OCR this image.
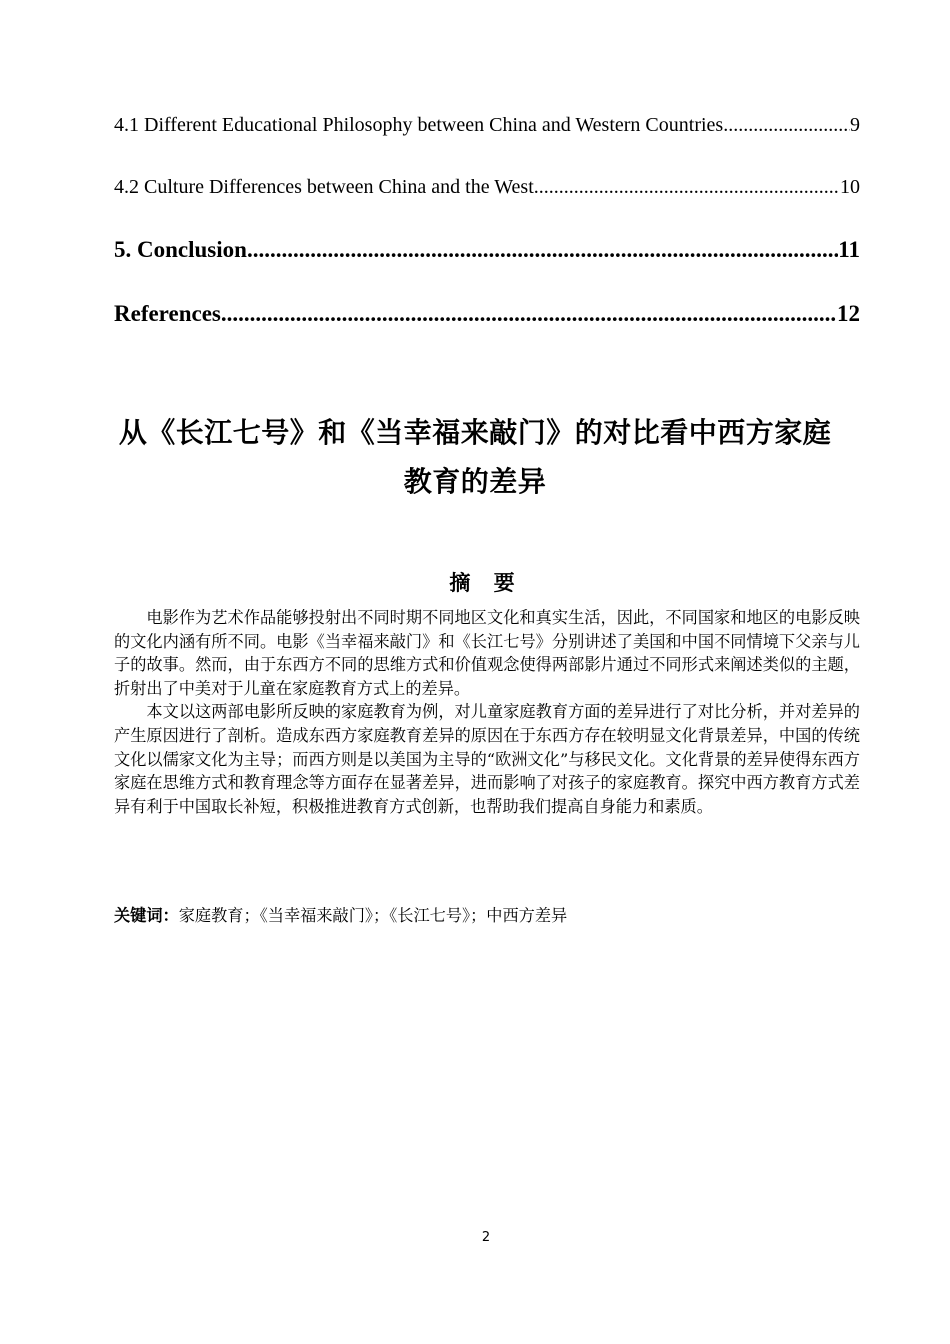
4.1 Different Educational Philosophy between China and Western Countries .....	9
4.2 Culture Differences between China and the West .....	10
5. Conclusion .....	11
References .....	12
从《长江七号》和《当幸福来敲门》的对比看中西方家庭
教育的差异
摘 要

电影作为艺术作品能够投射出不同时期不同地区文化和真实生活，因此，不同国家和地区的电影反映的文化内涵有所不同。电影《当幸福来敲门》和《长江七号》分别讲述了美国和中国不同情境下父亲与儿子的故事。然而，由于东西方不同的思维方式和价值观念使得两部影片通过不同形式来阐述类似的主题，折射出了中美对于儿童在家庭教育方式上的差异。

本文以这两部电影所反映的家庭教育为例，对儿童家庭教育方面的差异进行了对比分析，并对差异的产生原因进行了剖析。造成东西方家庭教育差异的原因在于东西方存在较明显文化背景差异，中国的传统文化以儒家文化为主导；而西方则是以美国为主导的“欧洲文化”与移民文化。文化背景的差异使得东西方家庭在思维方式和教育理念等方面存在显著差异，进而影响了对孩子的家庭教育。探究中西方教育方式差异有利于中国取长补短，积极推进教育方式创新，也帮助我们提高自身能力和素质。

关键词：家庭教育；《当幸福来敲门》；《长江七号》；中西方差异
2
